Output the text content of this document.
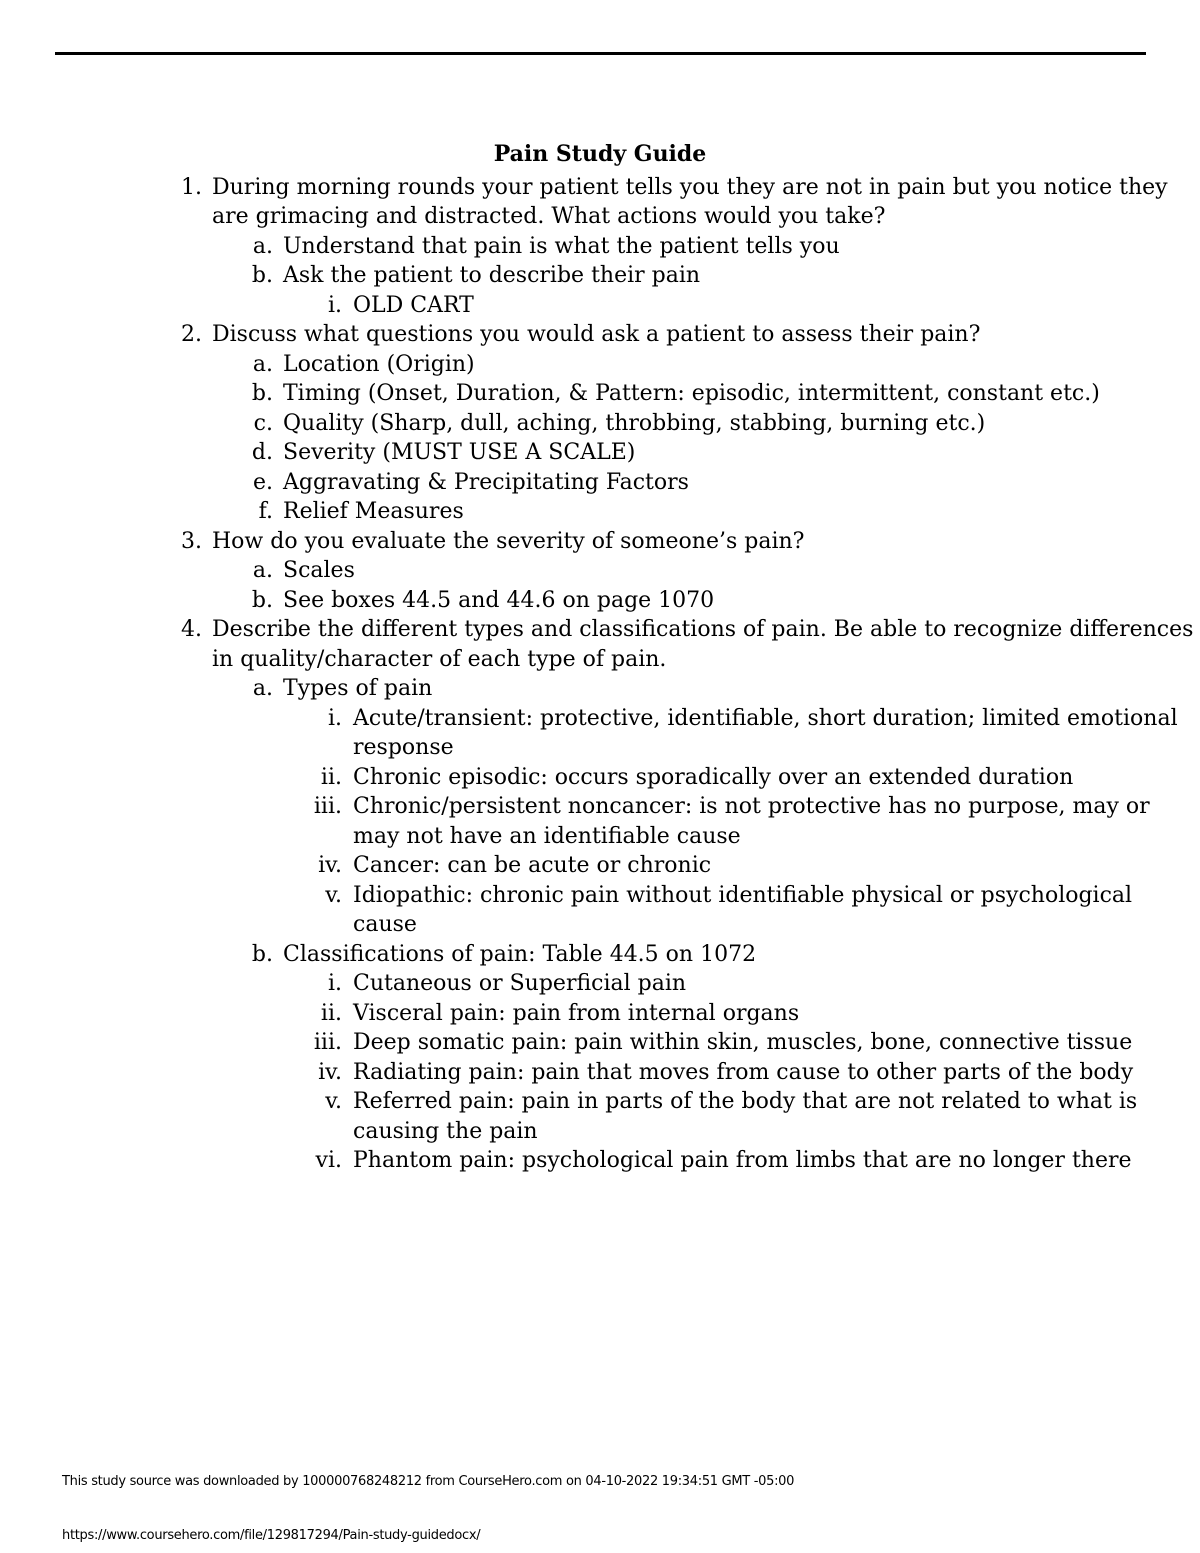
Pain Study Guide
1. During morning rounds your patient tells you they are not in pain but you notice they are grimacing and distracted. What actions would you take?
a. Understand that pain is what the patient tells you
b. Ask the patient to describe their pain
i. OLD CART
2. Discuss what questions you would ask a patient to assess their pain?
a. Location (Origin)
b. Timing (Onset, Duration, & Pattern: episodic, intermittent, constant etc.)
c. Quality (Sharp, dull, aching, throbbing, stabbing, burning etc.)
d. Severity (MUST USE A SCALE)
e. Aggravating & Precipitating Factors
f. Relief Measures
3. How do you evaluate the severity of someone’s pain?
a. Scales
b. See boxes 44.5 and 44.6 on page 1070
4. Describe the different types and classifications of pain. Be able to recognize differences in quality/character of each type of pain.
a. Types of pain
i. Acute/transient: protective, identifiable, short duration; limited emotional response
ii. Chronic episodic: occurs sporadically over an extended duration
iii. Chronic/persistent noncancer: is not protective has no purpose, may or may not have an identifiable cause
iv. Cancer: can be acute or chronic
v. Idiopathic: chronic pain without identifiable physical or psychological cause
b. Classifications of pain: Table 44.5 on 1072
i. Cutaneous or Superficial pain
ii. Visceral pain: pain from internal organs
iii. Deep somatic pain: pain within skin, muscles, bone, connective tissue
iv. Radiating pain: pain that moves from cause to other parts of the body
v. Referred pain: pain in parts of the body that are not related to what is causing the pain
vi. Phantom pain: psychological pain from limbs that are no longer there
This study source was downloaded by 100000768248212 from CourseHero.com on 04-10-2022 19:34:51 GMT -05:00
https://www.coursehero.com/file/129817294/Pain-study-guidedocx/
